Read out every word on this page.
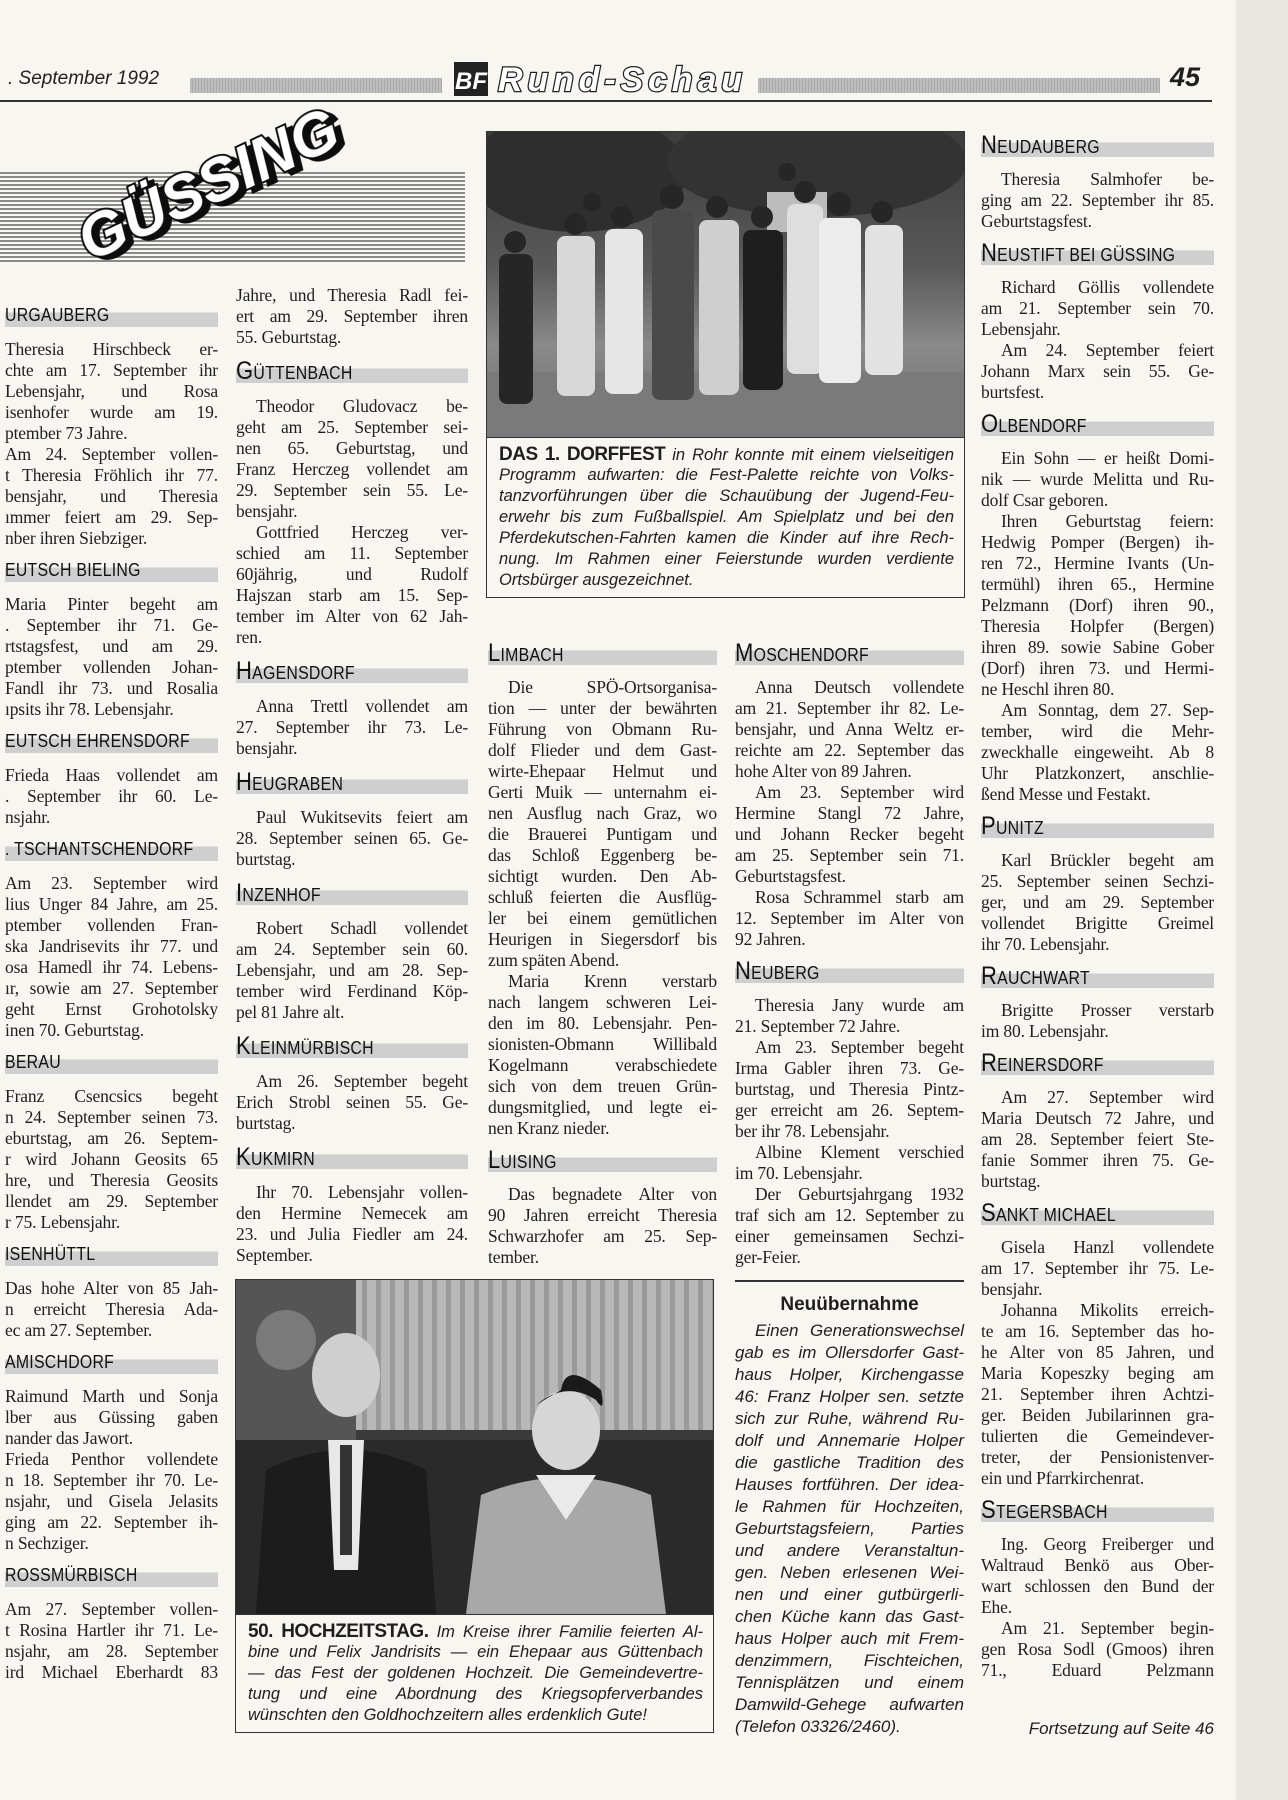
. September 1992	BF Rund-Schau	45
GÜSSING
URGAUBERG
Theresia Hirschbeck er-
chte am 17. September ihr
Lebensjahr, und Rosa
isenhofer wurde am 19.
ptember 73 Jahre.
Am 24. September vollen-
t Theresia Fröhlich ihr 77.
bensjahr, und Theresia
ımmer feiert am 29. Sep-
nber ihren Siebziger.
EUTSCH BIELING
Maria Pinter begeht am
. September ihr 71. Ge-
rtstagsfest, und am 29.
ptember vollenden Johan-
Fandl ihr 73. und Rosalia
ıpsits ihr 78. Lebensjahr.
EUTSCH EHRENSDORF
Frieda Haas vollendet am
. September ihr 60. Le-
nsjahr.
. TSCHANTSCHENDORF
Am 23. September wird
lius Unger 84 Jahre, am 25.
ptember vollenden Fran-
ska Jandrisevits ihr 77. und
osa Hamedl ihr 74. Lebens-
ır, sowie am 27. September
geht Ernst Grohotolsky
inen 70. Geburtstag.
BERAU
Franz Csencsics begeht
n 24. September seinen 73.
eburtstag, am 26. Septem-
r wird Johann Geosits 65
hre, und Theresia Geosits
llendet am 29. September
r 75. Lebensjahr.
ISENHÜTTL
Das hohe Alter von 85 Jah-
n erreicht Theresia Ada-
ec am 27. September.
AMISCHDORF
Raimund Marth und Sonja
lber aus Güssing gaben
nander das Jawort.
Frieda Penthor vollendete
n 18. September ihr 70. Le-
nsjahr, und Gisela Jelasits
ging am 22. September ih-
n Sechziger.
ROSSMÜRBISCH
Am 27. September vollen-
t Rosina Hartler ihr 71. Le-
nsjahr, am 28. September
ird Michael Eberhardt 83
Jahre, und Theresia Radl fei-
ert am 29. September ihren
55. Geburtstag.
GÜTTENBACH
Theodor Gludovacz be-
geht am 25. September sei-
nen 65. Geburtstag, und
Franz Herczeg vollendet am
29. September sein 55. Le-
bensjahr.
Gottfried Herczeg ver-
schied am 11. September
60jährig, und Rudolf
Hajszan starb am 15. Sep-
tember im Alter von 62 Jah-
ren.
HAGENSDORF
Anna Trettl vollendet am
27. September ihr 73. Le-
bensjahr.
HEUGRABEN
Paul Wukitsevits feiert am
28. September seinen 65. Ge-
burtstag.
INZENHOF
Robert Schadl vollendet
am 24. September sein 60.
Lebensjahr, und am 28. Sep-
tember wird Ferdinand Köp-
pel 81 Jahre alt.
KLEINMÜRBISCH
Am 26. September begeht
Erich Strobl seinen 55. Ge-
burtstag.
KUKMIRN
Ihr 70. Lebensjahr vollen-
den Hermine Nemecek am
23. und Julia Fiedler am 24.
September.
LIMBACH
Die SPÖ-Ortsorganisa-
tion — unter der bewährten
Führung von Obmann Ru-
dolf Flieder und dem Gast-
wirte-Ehepaar Helmut und
Gerti Muik — unternahm ei-
nen Ausflug nach Graz, wo
die Brauerei Puntigam und
das Schloß Eggenberg be-
sichtigt wurden. Den Ab-
schluß feierten die Ausflüg-
ler bei einem gemütlichen
Heurigen in Siegersdorf bis
zum späten Abend.
Maria Krenn verstarb
nach langem schweren Lei-
den im 80. Lebensjahr. Pen-
sionisten-Obmann Willibald
Kogelmann verabschiedete
sich von dem treuen Grün-
dungsmitglied, und legte ei-
nen Kranz nieder.
LUISING
Das begnadete Alter von
90 Jahren erreicht Theresia
Schwarzhofer am 25. Sep-
tember.
MOSCHENDORF
Anna Deutsch vollendete
am 21. September ihr 82. Le-
bensjahr, und Anna Weltz er-
reichte am 22. September das
hohe Alter von 89 Jahren.
Am 23. September wird
Hermine Stangl 72 Jahre,
und Johann Recker begeht
am 25. September sein 71.
Geburtstagsfest.
Rosa Schrammel starb am
12. September im Alter von
92 Jahren.
NEUBERG
Theresia Jany wurde am
21. September 72 Jahre.
Am 23. September begeht
Irma Gabler ihren 73. Ge-
burtstag, und Theresia Pintz-
ger erreicht am 26. Septem-
ber ihr 78. Lebensjahr.
Albine Klement verschied
im 70. Lebensjahr.
Der Geburtsjahrgang 1932
traf sich am 12. September zu
einer gemeinsamen Sechzi-
ger-Feier.
NEUDAUBERG
Theresia Salmhofer be-
ging am 22. September ihr 85.
Geburtstagsfest.
NEUSTIFT BEI GÜSSING
Richard Göllis vollendete
am 21. September sein 70.
Lebensjahr.
Am 24. September feiert
Johann Marx sein 55. Ge-
burtsfest.
OLBENDORF
Ein Sohn — er heißt Domi-
nik — wurde Melitta und Ru-
dolf Csar geboren.
Ihren Geburtstag feiern:
Hedwig Pomper (Bergen) ih-
ren 72., Hermine Ivants (Un-
termühl) ihren 65., Hermine
Pelzmann (Dorf) ihren 90.,
Theresia Holpfer (Bergen)
ihren 89. sowie Sabine Gober
(Dorf) ihren 73. und Hermi-
ne Heschl ihren 80.
Am Sonntag, dem 27. Sep-
tember, wird die Mehr-
zweckhalle eingeweiht. Ab 8
Uhr Platzkonzert, anschlie-
ßend Messe und Festakt.
PUNITZ
Karl Brückler begeht am
25. September seinen Sechzi-
ger, und am 29. September
vollendet Brigitte Greimel
ihr 70. Lebensjahr.
RAUCHWART
Brigitte Prosser verstarb
im 80. Lebensjahr.
REINERSDORF
Am 27. September wird
Maria Deutsch 72 Jahre, und
am 28. September feiert Ste-
fanie Sommer ihren 75. Ge-
burtstag.
SANKT MICHAEL
Gisela Hanzl vollendete
am 17. September ihr 75. Le-
bensjahr.
Johanna Mikolits erreich-
te am 16. September das ho-
he Alter von 85 Jahren, und
Maria Kopeszky beging am
21. September ihren Achtzi-
ger. Beiden Jubilarinnen gra-
tulierten die Gemeindever-
treter, der Pensionistenver-
ein und Pfarrkirchenrat.
STEGERSBACH
Ing. Georg Freiberger und
Waltraud Benkö aus Ober-
wart schlossen den Bund der
Ehe.
Am 21. September begin-
gen Rosa Sodl (Gmoos) ihren
71., Eduard Pelzmann
DAS 1. DORFFEST in Rohr konnte mit einem vielseitigen
Programm aufwarten: die Fest-Palette reichte von Volks-
tanzvorführungen über die Schauübung der Jugend-Feu-
erwehr bis zum Fußballspiel. Am Spielplatz und bei den
Pferdekutschen-Fahrten kamen die Kinder auf ihre Rech-
nung. Im Rahmen einer Feierstunde wurden verdiente
Ortsbürger ausgezeichnet.
50. HOCHZEITSTAG. Im Kreise ihrer Familie feierten Al-
bine und Felix Jandrisits — ein Ehepaar aus Güttenbach
— das Fest der goldenen Hochzeit. Die Gemeindevertre-
tung und eine Abordnung des Kriegsopferverbandes
wünschten den Goldhochzeitern alles erdenklich Gute!
Neuübernahme
Einen Generationswechsel
gab es im Ollersdorfer Gast-
haus Holper, Kirchengasse
46: Franz Holper sen. setzte
sich zur Ruhe, während Ru-
dolf und Annemarie Holper
die gastliche Tradition des
Hauses fortführen. Der idea-
le Rahmen für Hochzeiten,
Geburtstagsfeiern, Parties
und andere Veranstaltun-
gen. Neben erlesenen Wei-
nen und einer gutbürgerli-
chen Küche kann das Gast-
haus Holper auch mit Frem-
denzimmern, Fischteichen,
Tennisplätzen und einem
Damwild-Gehege aufwarten
(Telefon 03326/2460).	Fortsetzung auf Seite 46
